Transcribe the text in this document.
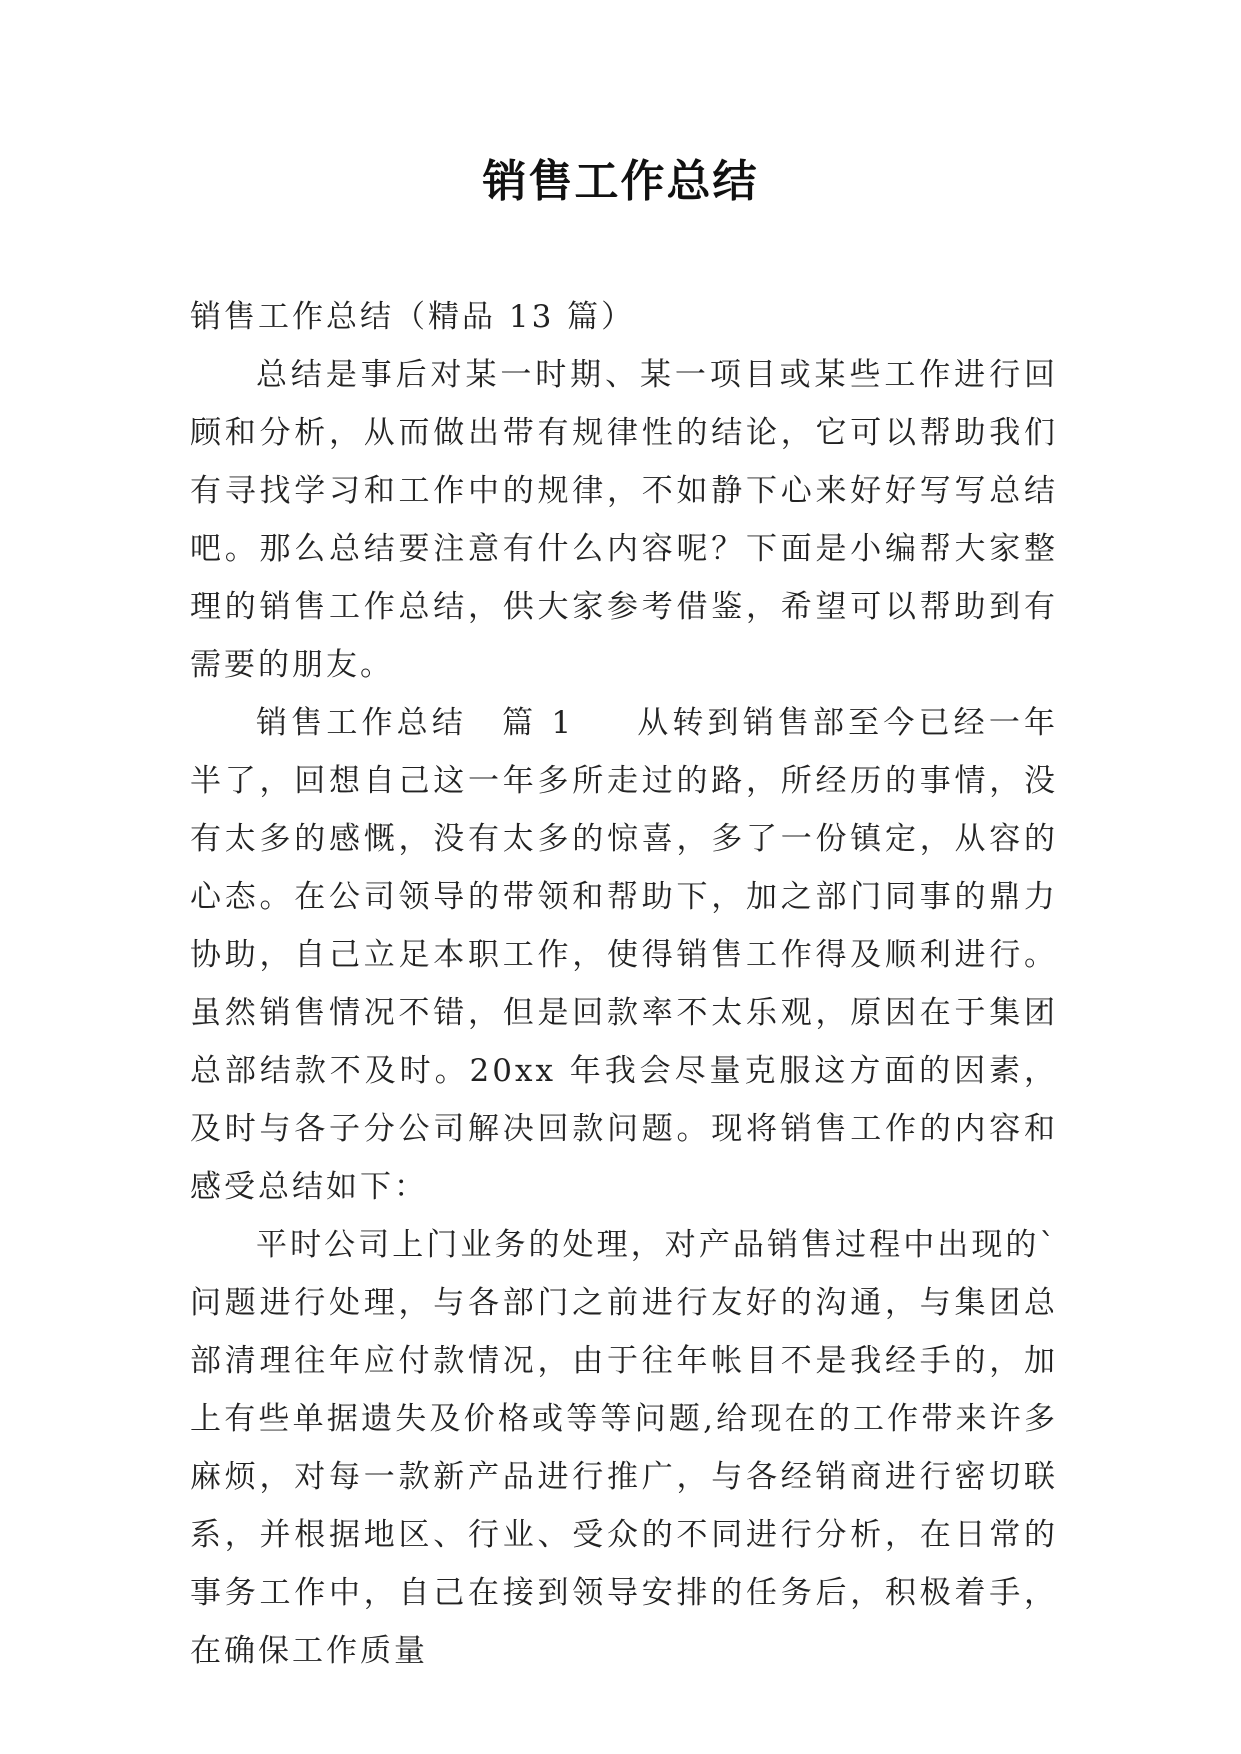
销售工作总结

销售工作总结（精品 13 篇）

总结是事后对某一时期、某一项目或某些工作进行回顾和分析，从而做出带有规律性的结论，它可以帮助我们有寻找学习和工作中的规律，不如静下心来好好写写总结吧。那么总结要注意有什么内容呢？下面是小编帮大家整理的销售工作总结，供大家参考借鉴，希望可以帮助到有需要的朋友。

销售工作总结　篇 1 从转到销售部至今已经一年半了，回想自己这一年多所走过的路，所经历的事情，没有太多的感慨，没有太多的惊喜，多了一份镇定，从容的心态。在公司领导的带领和帮助下，加之部门同事的鼎力协助，自己立足本职工作，使得销售工作得及顺利进行。虽然销售情况不错，但是回款率不太乐观，原因在于集团总部结款不及时。20xx 年我会尽量克服这方面的因素，及时与各子分公司解决回款问题。现将销售工作的内容和感受总结如下：

平时公司上门业务的处理，对产品销售过程中出现的`问题进行处理，与各部门之前进行友好的沟通，与集团总部清理往年应付款情况，由于往年帐目不是我经手的，加上有些单据遗失及价格或等等问题,给现在的工作带来许多麻烦，对每一款新产品进行推广，与各经销商进行密切联系，并根据地区、行业、受众的不同进行分析，在日常的事务工作中，自己在接到领导安排的任务后，积极着手，在确保工作质量
